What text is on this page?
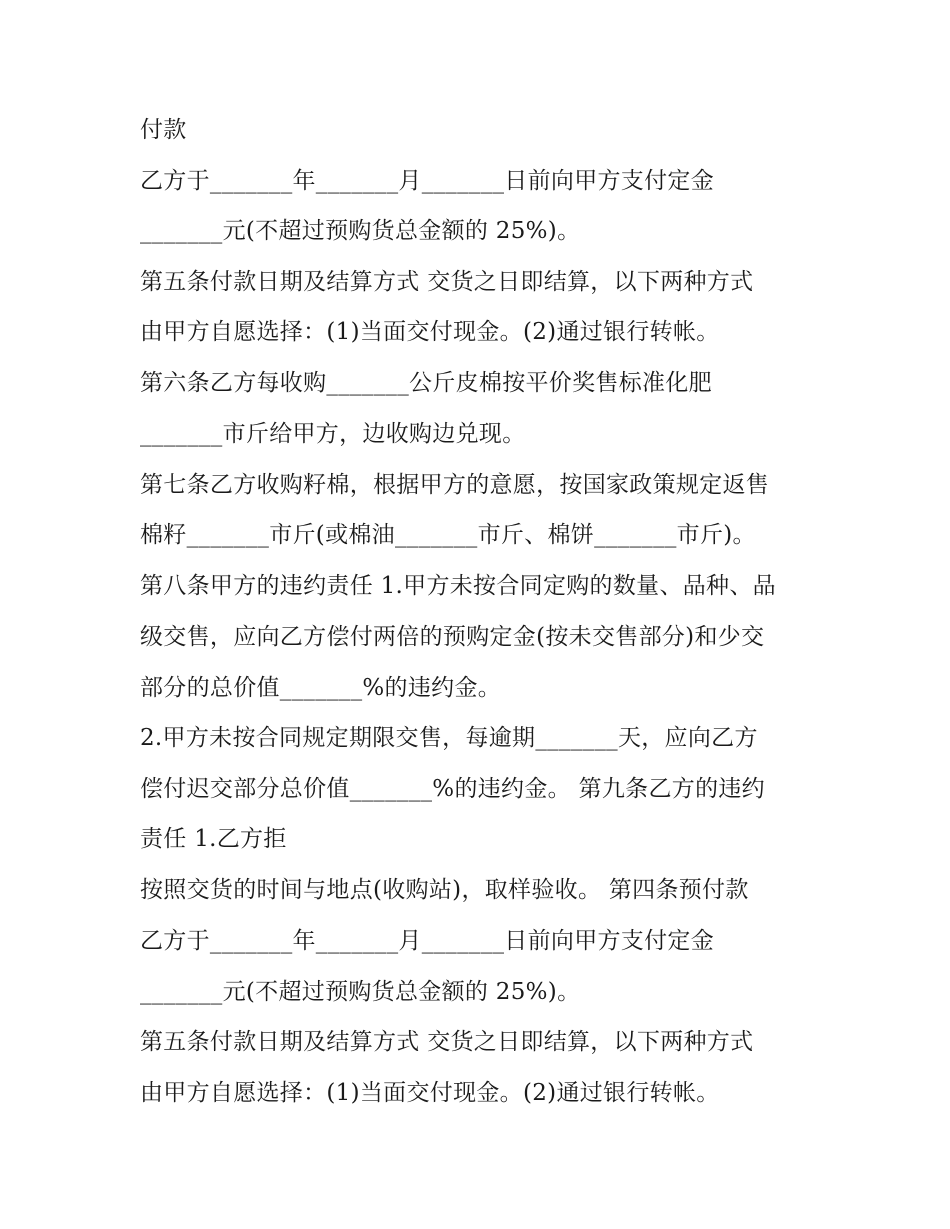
付款
乙方于_______年_______月_______日前向甲方支付定金
_______元(不超过预购货总金额的 25%)。
第五条付款日期及结算方式 交货之日即结算，以下两种方式
由甲方自愿选择：(1)当面交付现金。(2)通过银行转帐。
第六条乙方每收购_______公斤皮棉按平价奖售标准化肥
_______市斤给甲方，边收购边兑现。
第七条乙方收购籽棉，根据甲方的意愿，按国家政策规定返售
棉籽_______市斤(或棉油_______市斤、棉饼_______市斤)。
第八条甲方的违约责任 1.甲方未按合同定购的数量、品种、品
级交售，应向乙方偿付两倍的预购定金(按未交售部分)和少交
部分的总价值_______%的违约金。
2.甲方未按合同规定期限交售，每逾期_______天，应向乙方
偿付迟交部分总价值_______%的违约金。 第九条乙方的违约
责任 1.乙方拒
按照交货的时间与地点(收购站)，取样验收。 第四条预付款
乙方于_______年_______月_______日前向甲方支付定金
_______元(不超过预购货总金额的 25%)。
第五条付款日期及结算方式 交货之日即结算，以下两种方式
由甲方自愿选择：(1)当面交付现金。(2)通过银行转帐。
